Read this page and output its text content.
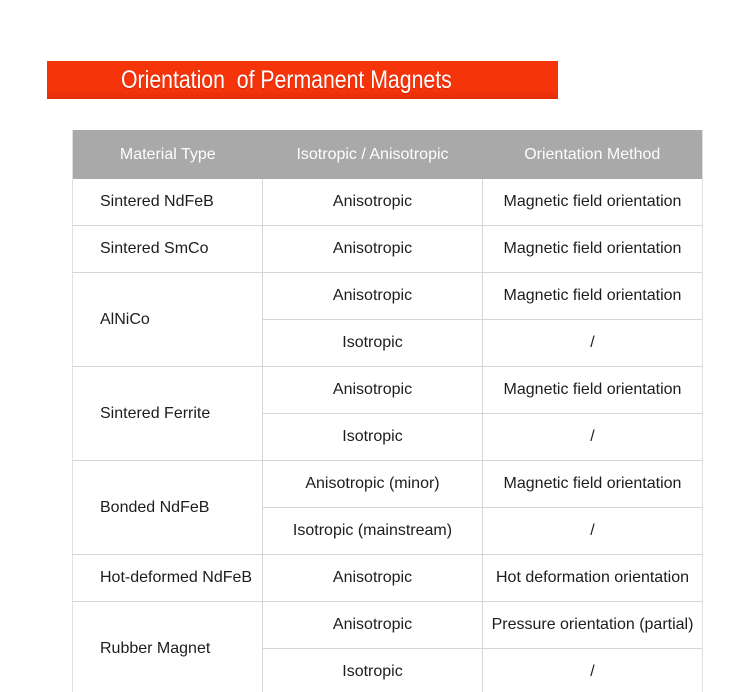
Orientation  of Permanent Magnets
Material Type	Isotropic / Anisotropic	Orientation Method
Sintered NdFeB	Anisotropic	Magnetic field orientation
Sintered SmCo	Anisotropic	Magnetic field orientation
AlNiCo	Anisotropic	Magnetic field orientation
	Isotropic	/
Sintered Ferrite	Anisotropic	Magnetic field orientation
	Isotropic	/
Bonded NdFeB	Anisotropic (minor)	Magnetic field orientation
	Isotropic (mainstream)	/
Hot-deformed NdFeB	Anisotropic	Hot deformation orientation
Rubber Magnet	Anisotropic	Pressure orientation (partial)
	Isotropic	/
